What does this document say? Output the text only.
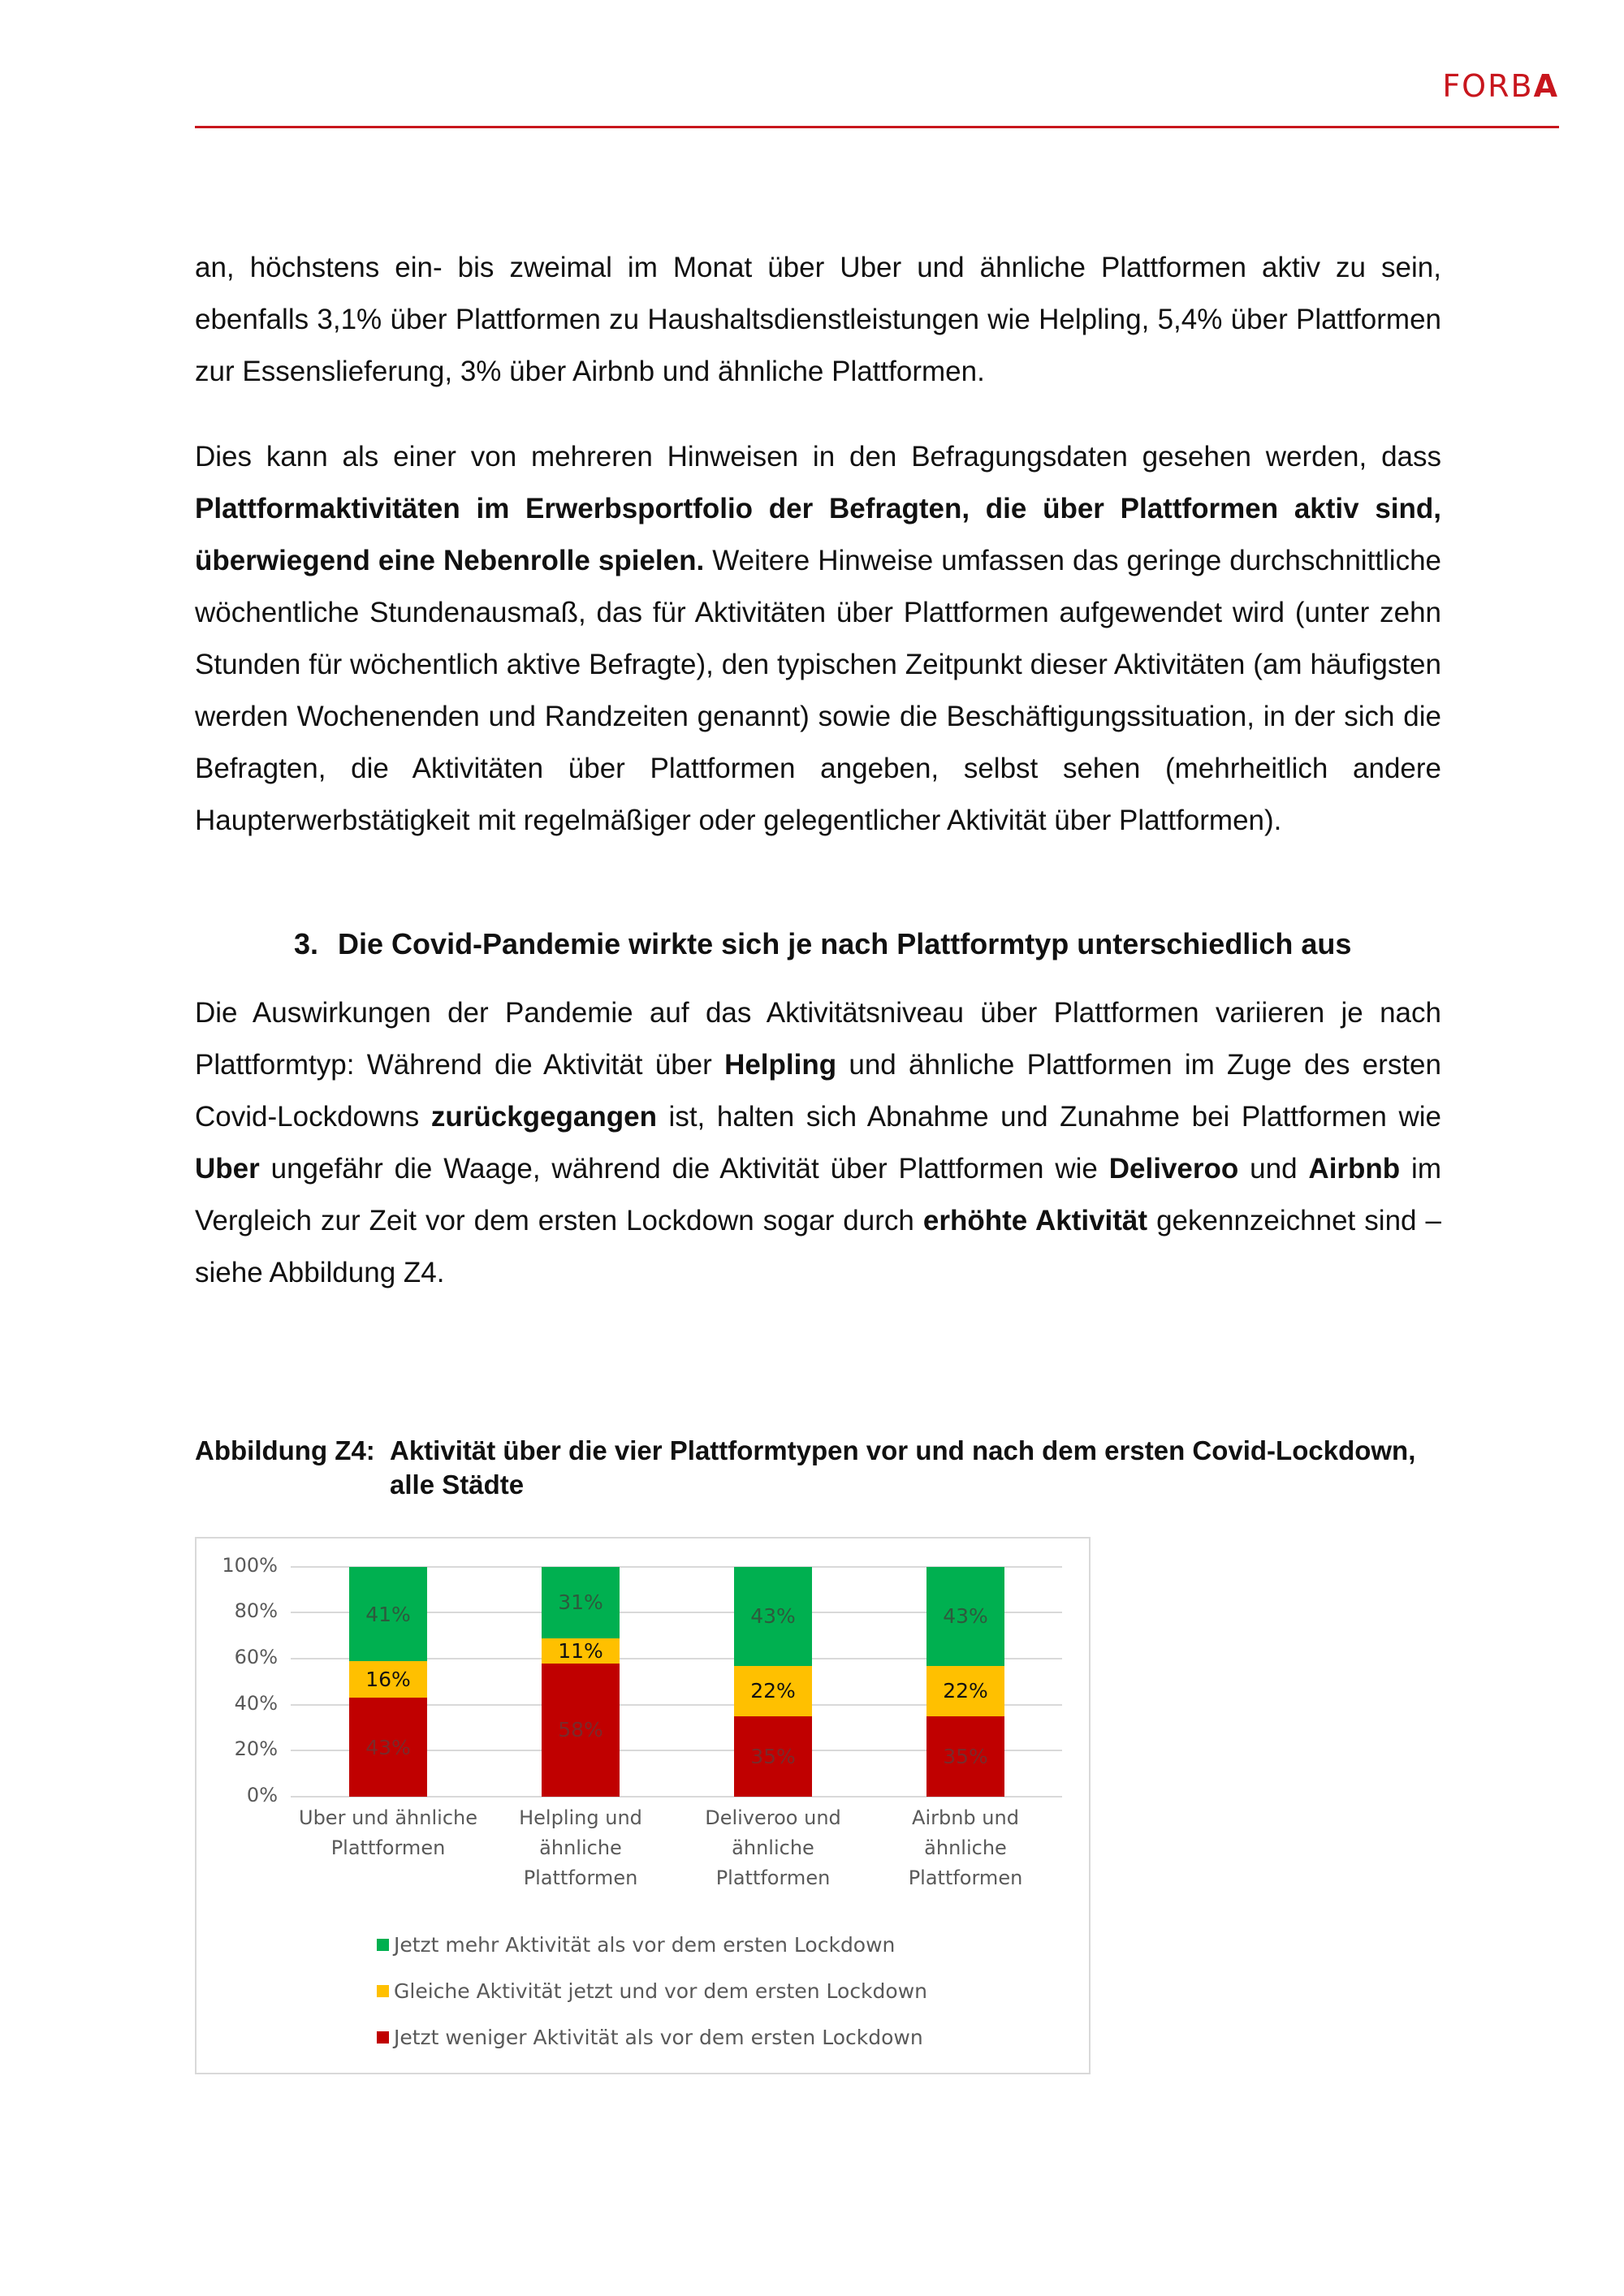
FORBA

an, höchstens ein- bis zweimal im Monat über Uber und ähnliche Plattformen aktiv zu sein, ebenfalls 3,1% über Plattformen zu Haushaltsdienstleistungen wie Helpling, 5,4% über Plattformen zur Essenslieferung, 3% über Airbnb und ähnliche Plattformen.

Dies kann als einer von mehreren Hinweisen in den Befragungsdaten gesehen werden, dass Plattformaktivitäten im Erwerbsportfolio der Befragten, die über Plattformen aktiv sind, überwiegend eine Nebenrolle spielen. Weitere Hinweise umfassen das geringe durchschnittliche wöchentliche Stundenausmaß, das für Aktivitäten über Plattformen aufgewendet wird (unter zehn Stunden für wöchentlich aktive Befragte), den typischen Zeitpunkt dieser Aktivitäten (am häufigsten werden Wochenenden und Randzeiten genannt) sowie die Beschäftigungssituation, in der sich die Befragten, die Aktivitäten über Plattformen angeben, selbst sehen (mehrheitlich andere Haupterwerbstätigkeit mit regelmäßiger oder gelegentlicher Aktivität über Plattformen).

3. Die Covid-Pandemie wirkte sich je nach Plattformtyp unterschiedlich aus

Die Auswirkungen der Pandemie auf das Aktivitätsniveau über Plattformen variieren je nach Plattformtyp: Während die Aktivität über Helpling und ähnliche Plattformen im Zuge des ersten Covid-Lockdowns zurückgegangen ist, halten sich Abnahme und Zunahme bei Plattformen wie Uber ungefähr die Waage, während die Aktivität über Plattformen wie Deliveroo und Airbnb im Vergleich zur Zeit vor dem ersten Lockdown sogar durch erhöhte Aktivität gekennzeichnet sind – siehe Abbildung Z4.

Abbildung Z4: Aktivität über die vier Plattformtypen vor und nach dem ersten Covid-Lockdown, alle Städte
100%
80%
60%
40%
20%
0%
43%
16%
41%
58%
11%
31%
35%
22%
43%
35%
22%
43%
Uber und ähnliche
Plattformen
Helpling und
ähnliche
Plattformen
Deliveroo und
ähnliche
Plattformen
Airbnb und
ähnliche
Plattformen
Jetzt mehr Aktivität als vor dem ersten Lockdown
Gleiche Aktivität jetzt und vor dem ersten Lockdown
Jetzt weniger Aktivität als vor dem ersten Lockdown
